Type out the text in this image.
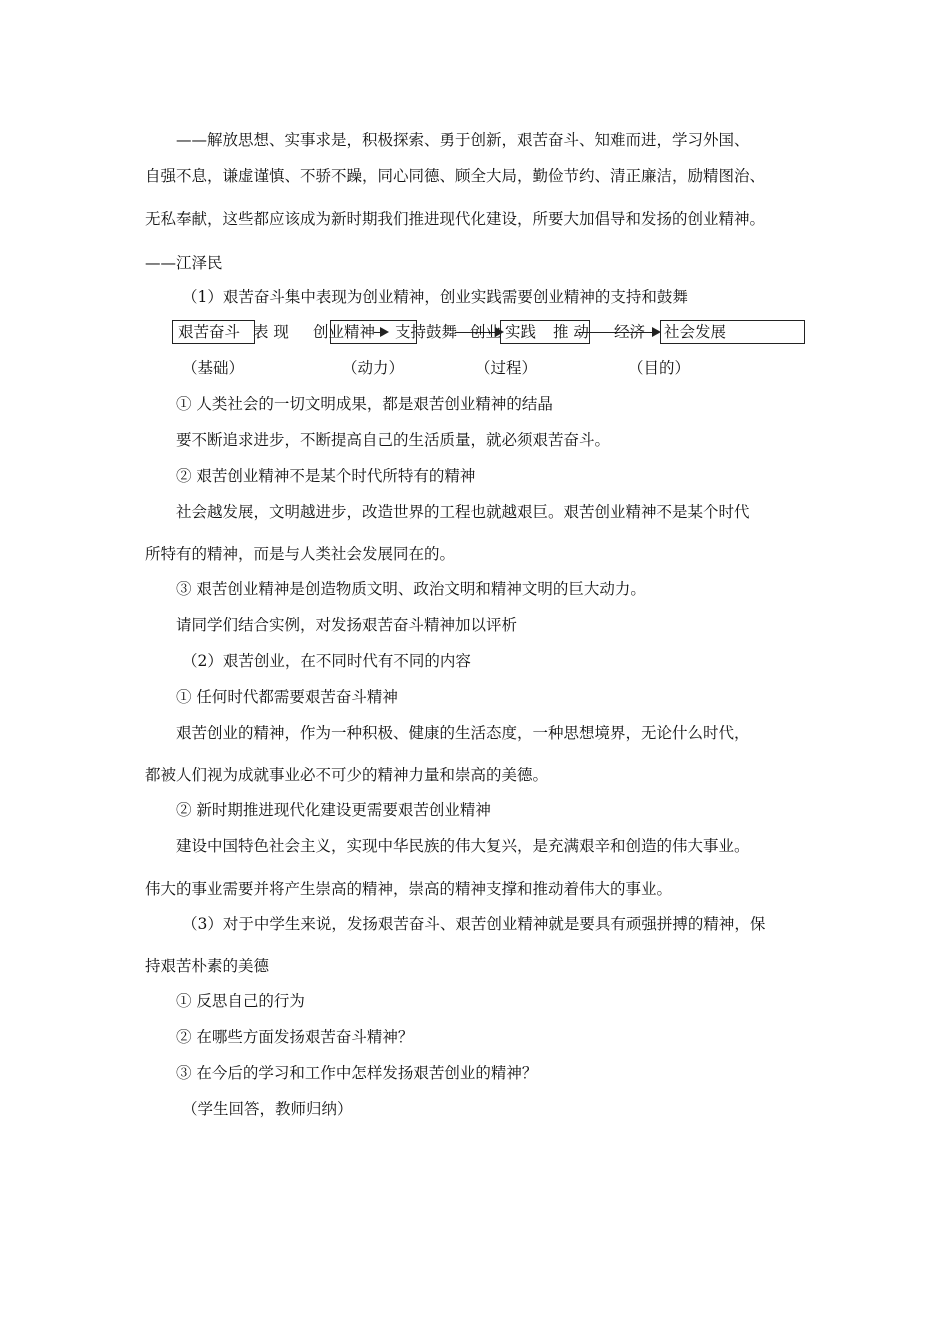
——解放思想、实事求是，积极探索、勇于创新，艰苦奋斗、知难而进，学习外国、
自强不息，谦虚谨慎、不骄不躁，同心同德、顾全大局，勤俭节约、清正廉洁，励精图治、
无私奉献，这些都应该成为新时期我们推进现代化建设，所要大加倡导和发扬的创业精神。
——江泽民
（1）艰苦奋斗集中表现为创业精神，创业实践需要创业精神的支持和鼓舞
艰苦奋斗 表 现 创业精神 支持鼓舞 创业 实践 推 动 经济 社会发展
（基础）	（动力）	（过程）	（目的）
① 人类社会的一切文明成果，都是艰苦创业精神的结晶
要不断追求进步，不断提高自己的生活质量，就必须艰苦奋斗。
② 艰苦创业精神不是某个时代所特有的精神
社会越发展，文明越进步，改造世界的工程也就越艰巨。艰苦创业精神不是某个时代
所特有的精神，而是与人类社会发展同在的。
③ 艰苦创业精神是创造物质文明、政治文明和精神文明的巨大动力。
请同学们结合实例，对发扬艰苦奋斗精神加以评析
（2）艰苦创业，在不同时代有不同的内容
① 任何时代都需要艰苦奋斗精神
艰苦创业的精神，作为一种积极、健康的生活态度，一种思想境界，无论什么时代，
都被人们视为成就事业必不可少的精神力量和崇高的美德。
② 新时期推进现代化建设更需要艰苦创业精神
建设中国特色社会主义，实现中华民族的伟大复兴，是充满艰辛和创造的伟大事业。
伟大的事业需要并将产生崇高的精神，崇高的精神支撑和推动着伟大的事业。
（3）对于中学生来说，发扬艰苦奋斗、艰苦创业精神就是要具有顽强拼搏的精神，保
持艰苦朴素的美德
① 反思自己的行为
② 在哪些方面发扬艰苦奋斗精神？
③ 在今后的学习和工作中怎样发扬艰苦创业的精神？
（学生回答，教师归纳）
